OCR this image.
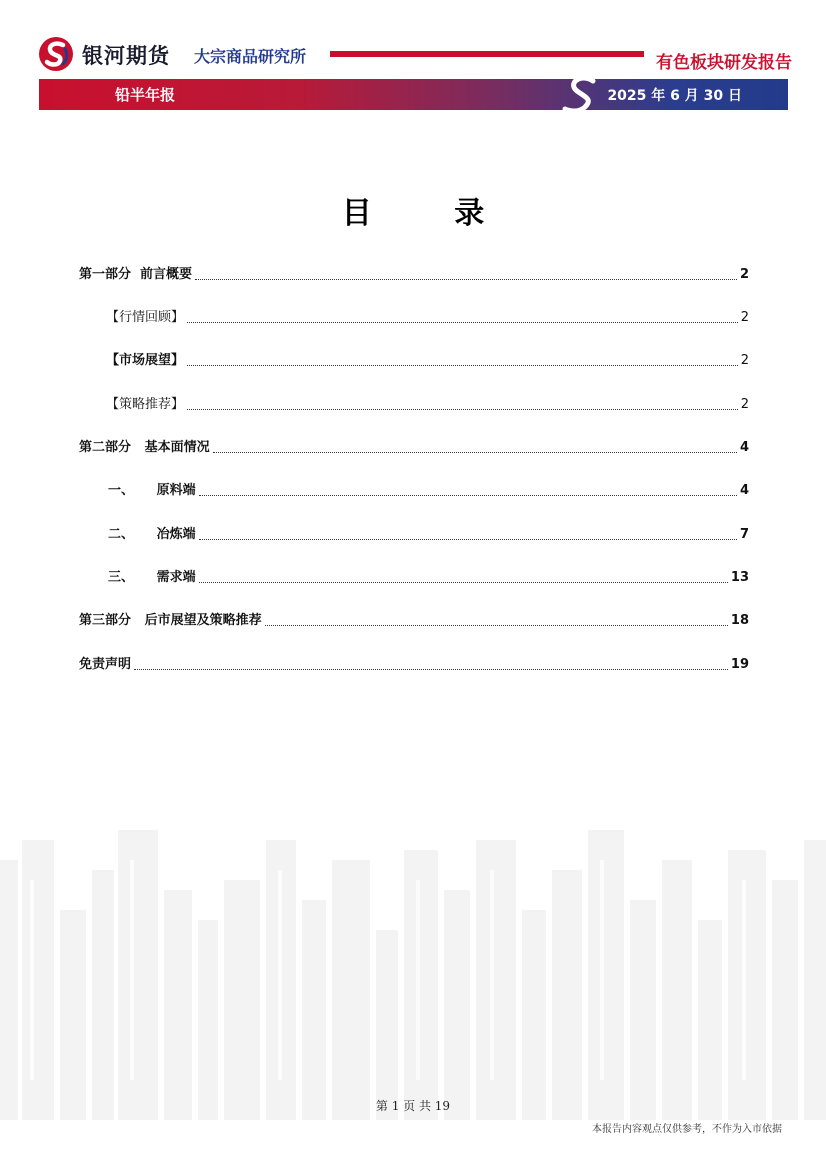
银河期货 大宗商品研究所	有色板块研发报告
铅半年报	2025 年 6 月 30 日
目 录
第一部分  前言概要	2
【行情回顾】	2
【市场展望】	2
【策略推荐】	2
第二部分   基本面情况	4
一、     原料端	4
二、     冶炼端	7
三、     需求端	13
第三部分   后市展望及策略推荐	18
免责声明	19
第 1 页 共 19
本报告内容观点仅供参考，不作为入市依据
